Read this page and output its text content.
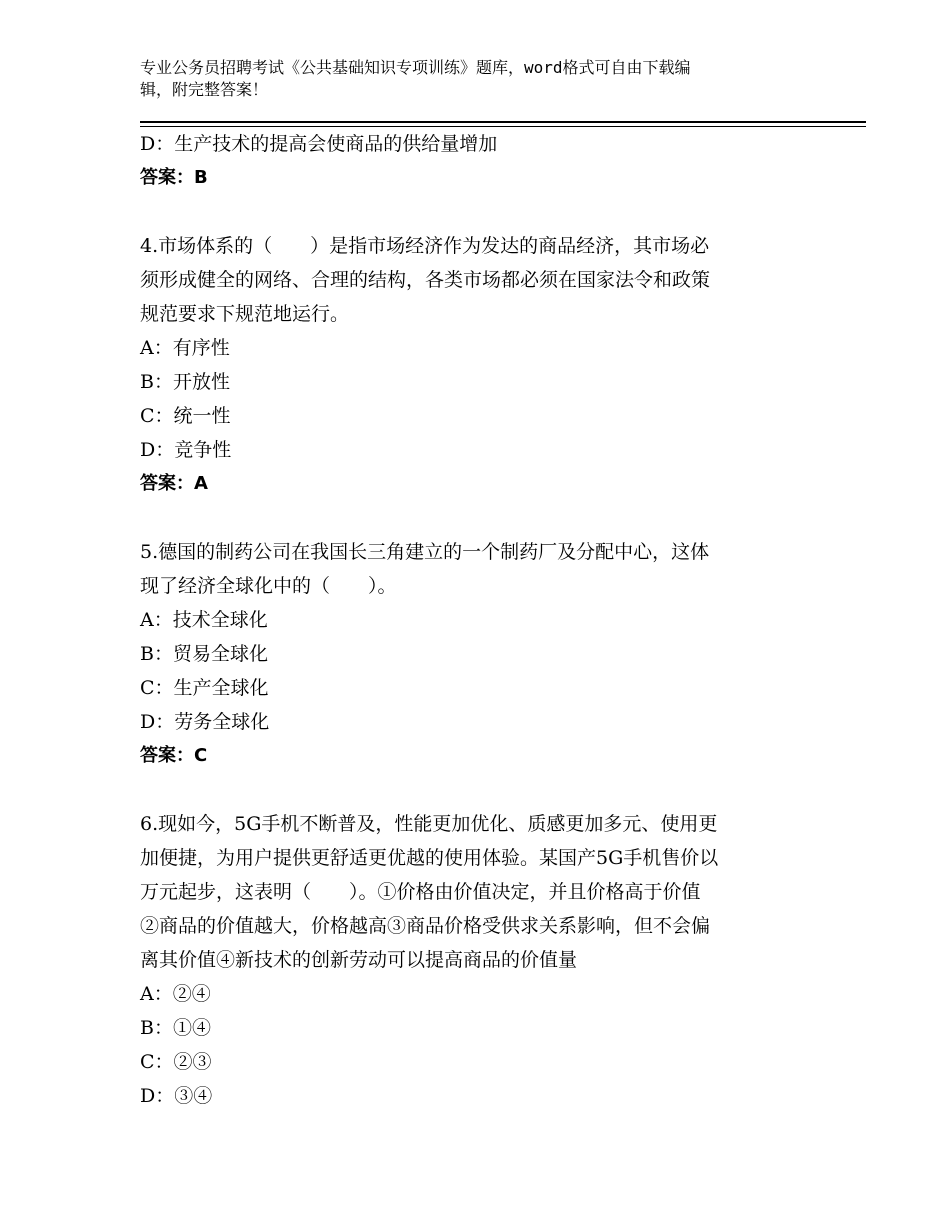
专业公务员招聘考试《公共基础知识专项训练》题库，word格式可自由下载编
辑，附完整答案！
D：生产技术的提高会使商品的供给量增加
答案：B
4.市场体系的（　　）是指市场经济作为发达的商品经济，其市场必
须形成健全的网络、合理的结构，各类市场都必须在国家法令和政策
规范要求下规范地运行。
A：有序性
B：开放性
C：统一性
D：竞争性
答案：A
5.德国的制药公司在我国长三角建立的一个制药厂及分配中心，这体
现了经济全球化中的（　　）。
A：技术全球化
B：贸易全球化
C：生产全球化
D：劳务全球化
答案：C
6.现如今，5G手机不断普及，性能更加优化、质感更加多元、使用更
加便捷，为用户提供更舒适更优越的使用体验。某国产5G手机售价以
万元起步，这表明（　　）。①价格由价值决定，并且价格高于价值
②商品的价值越大，价格越高③商品价格受供求关系影响，但不会偏
离其价值④新技术的创新劳动可以提高商品的价值量
A：②④
B：①④
C：②③
D：③④
